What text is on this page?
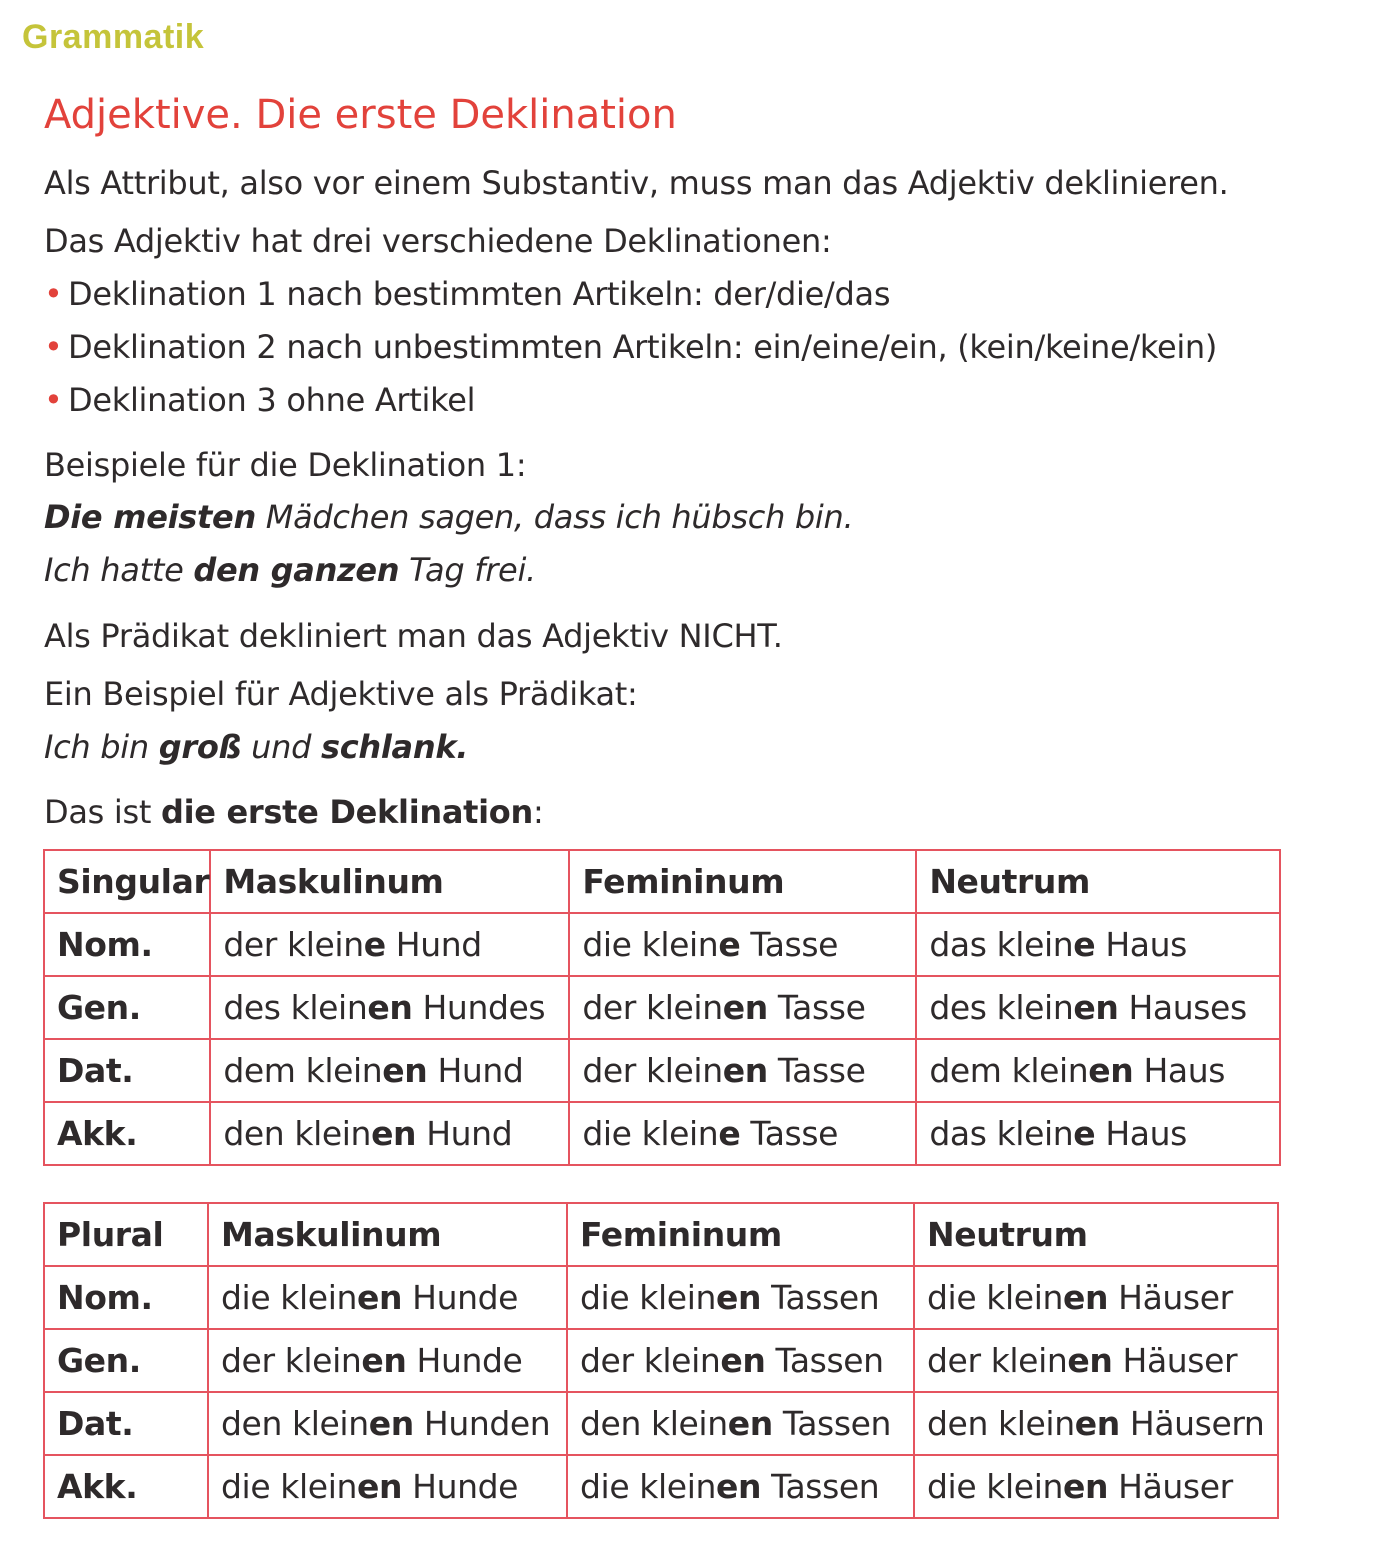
Grammatik
Adjektive. Die erste Deklination
Als Attribut, also vor einem Substantiv, muss man das Adjektiv deklinieren.
Das Adjektiv hat drei verschiedene Deklinationen:
• Deklination 1 nach bestimmten Artikeln: der/die/das
• Deklination 2 nach unbestimmten Artikeln: ein/eine/ein, (kein/keine/kein)
• Deklination 3 ohne Artikel
Beispiele für die Deklination 1:
Die meisten Mädchen sagen, dass ich hübsch bin.
Ich hatte den ganzen Tag frei.
Als Prädikat dekliniert man das Adjektiv NICHT.
Ein Beispiel für Adjektive als Prädikat:
Ich bin groß und schlank.
Das ist die erste Deklination:
Singular	Maskulinum	Femininum	Neutrum
Nom.	der kleine Hund	die kleine Tasse	das kleine Haus
Gen.	des kleinen Hundes	der kleinen Tasse	des kleinen Hauses
Dat.	dem kleinen Hund	der kleinen Tasse	dem kleinen Haus
Akk.	den kleinen Hund	die kleine Tasse	das kleine Haus
Plural	Maskulinum	Femininum	Neutrum
Nom.	die kleinen Hunde	die kleinen Tassen	die kleinen Häuser
Gen.	der kleinen Hunde	der kleinen Tassen	der kleinen Häuser
Dat.	den kleinen Hunden	den kleinen Tassen	den kleinen Häusern
Akk.	die kleinen Hunde	die kleinen Tassen	die kleinen Häuser
